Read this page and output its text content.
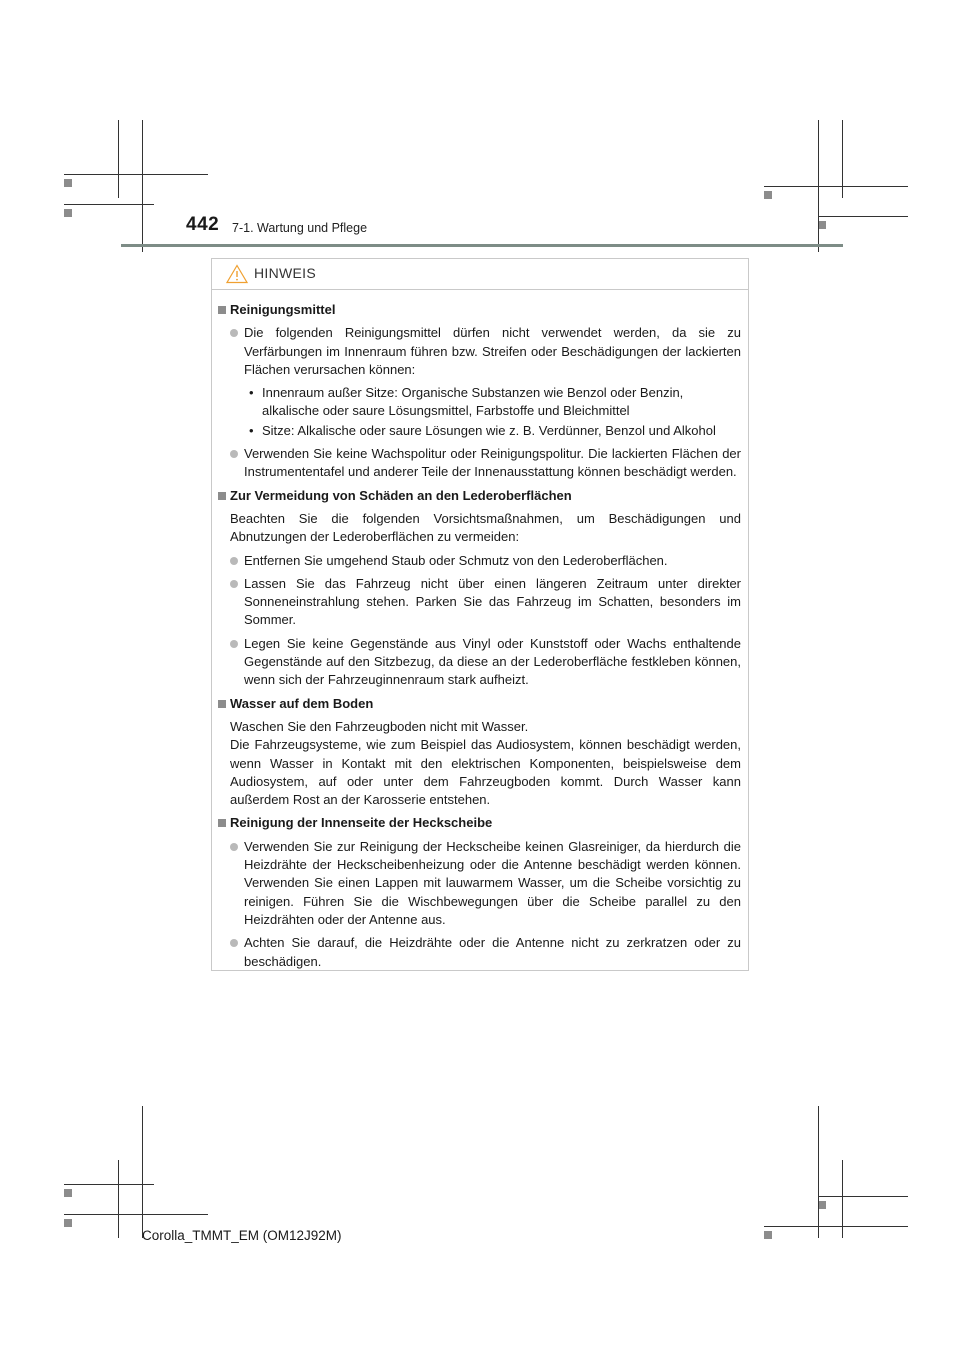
442 7-1. Wartung und Pflege
HINWEIS
Reinigungsmittel
Die folgenden Reinigungsmittel dürfen nicht verwendet werden, da sie zu Verfärbungen im Innenraum führen bzw. Streifen oder Beschädigungen der lackierten Flächen verursachen können:
• Innenraum außer Sitze: Organische Substanzen wie Benzol oder Benzin, alkalische oder saure Lösungsmittel, Farbstoffe und Bleichmittel
• Sitze: Alkalische oder saure Lösungen wie z. B. Verdünner, Benzol und Alkohol
Verwenden Sie keine Wachspolitur oder Reinigungspolitur. Die lackierten Flächen der Instrumententafel und anderer Teile der Innenausstattung können beschädigt werden.
Zur Vermeidung von Schäden an den Lederoberflächen
Beachten Sie die folgenden Vorsichtsmaßnahmen, um Beschädigungen und Abnutzungen der Lederoberflächen zu vermeiden:
Entfernen Sie umgehend Staub oder Schmutz von den Lederoberflächen.
Lassen Sie das Fahrzeug nicht über einen längeren Zeitraum unter direkter Sonneneinstrahlung stehen. Parken Sie das Fahrzeug im Schatten, besonders im Sommer.
Legen Sie keine Gegenstände aus Vinyl oder Kunststoff oder Wachs enthaltende Gegenstände auf den Sitzbezug, da diese an der Lederoberfläche festkleben können, wenn sich der Fahrzeuginnenraum stark aufheizt.
Wasser auf dem Boden
Waschen Sie den Fahrzeugboden nicht mit Wasser.
Die Fahrzeugsysteme, wie zum Beispiel das Audiosystem, können beschädigt werden, wenn Wasser in Kontakt mit den elektrischen Komponenten, beispielsweise dem Audiosystem, auf oder unter dem Fahrzeugboden kommt. Durch Wasser kann außerdem Rost an der Karosserie entstehen.
Reinigung der Innenseite der Heckscheibe
Verwenden Sie zur Reinigung der Heckscheibe keinen Glasreiniger, da hierdurch die Heizdrähte der Heckscheibenheizung oder die Antenne beschädigt werden können. Verwenden Sie einen Lappen mit lauwarmem Wasser, um die Scheibe vorsichtig zu reinigen. Führen Sie die Wischbewegungen über die Scheibe parallel zu den Heizdrähten oder der Antenne aus.
Achten Sie darauf, die Heizdrähte oder die Antenne nicht zu zerkratzen oder zu beschädigen.
Corolla_TMMT_EM (OM12J92M)
